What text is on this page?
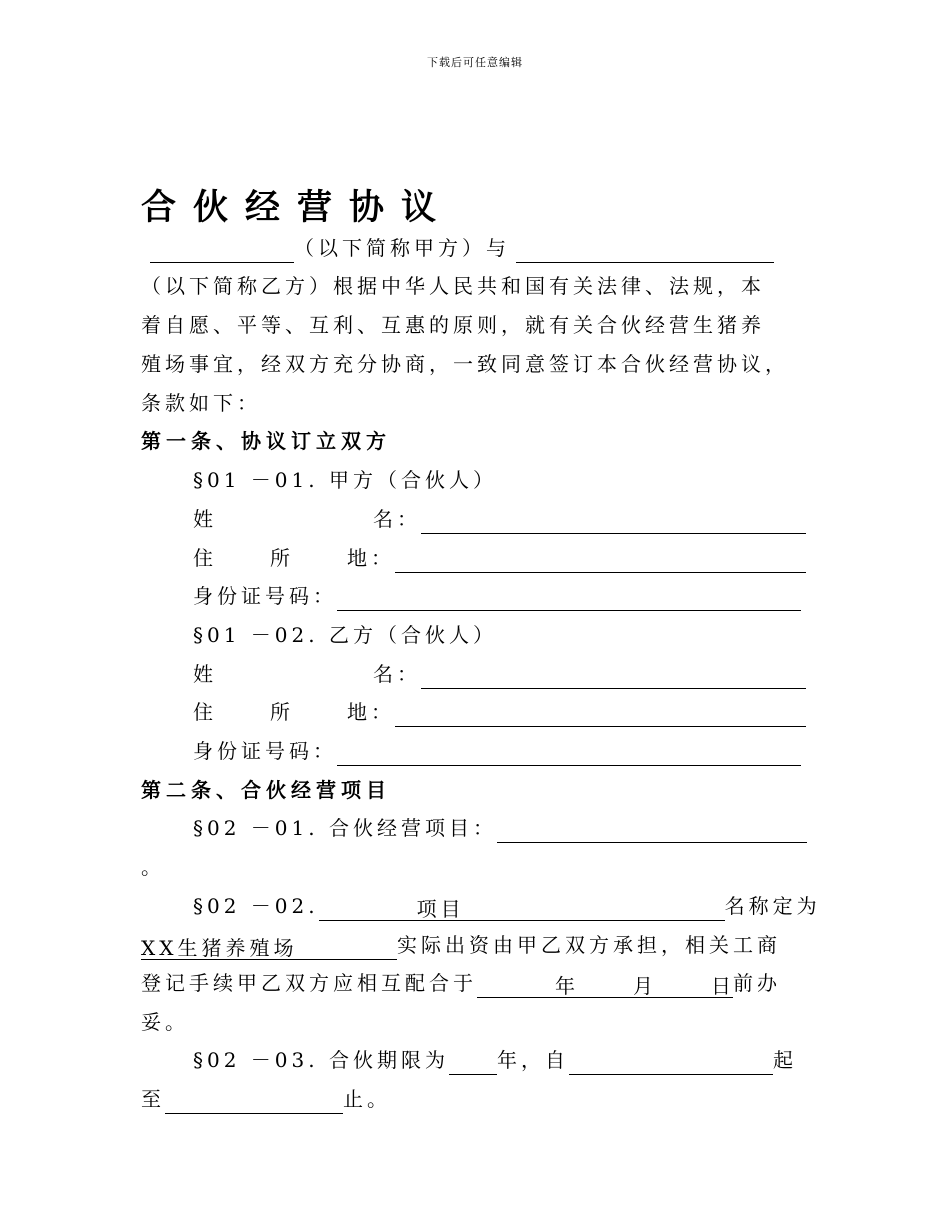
下载后可任意编辑
合伙经营协议
（以下简称甲方）与
（以下简称乙方）根据中华人民共和国有关法律、法规，本
着自愿、平等、互利、互惠的原则，就有关合伙经营生猪养
殖场事宜，经双方充分协商，一致同意签订本合伙经营协议，
条款如下：
第一条、协议订立双方
§01 －01. 甲方（合伙人）
姓	名：
住	所	地：
身份证号码：
§01 －02. 乙方（合伙人）
姓	名：
住	所	地：
身份证号码：
第二条、合伙经营项目
§02 －01. 合伙经营项目：
。
§02 －02.	项目	名称定为
XX生猪养殖场	实际出资由甲乙双方承担，相关工商
登记手续甲乙双方应相互配合于	年	月	日前办
妥。
§02 －03. 合伙期限为 年，自	起
至	止。
